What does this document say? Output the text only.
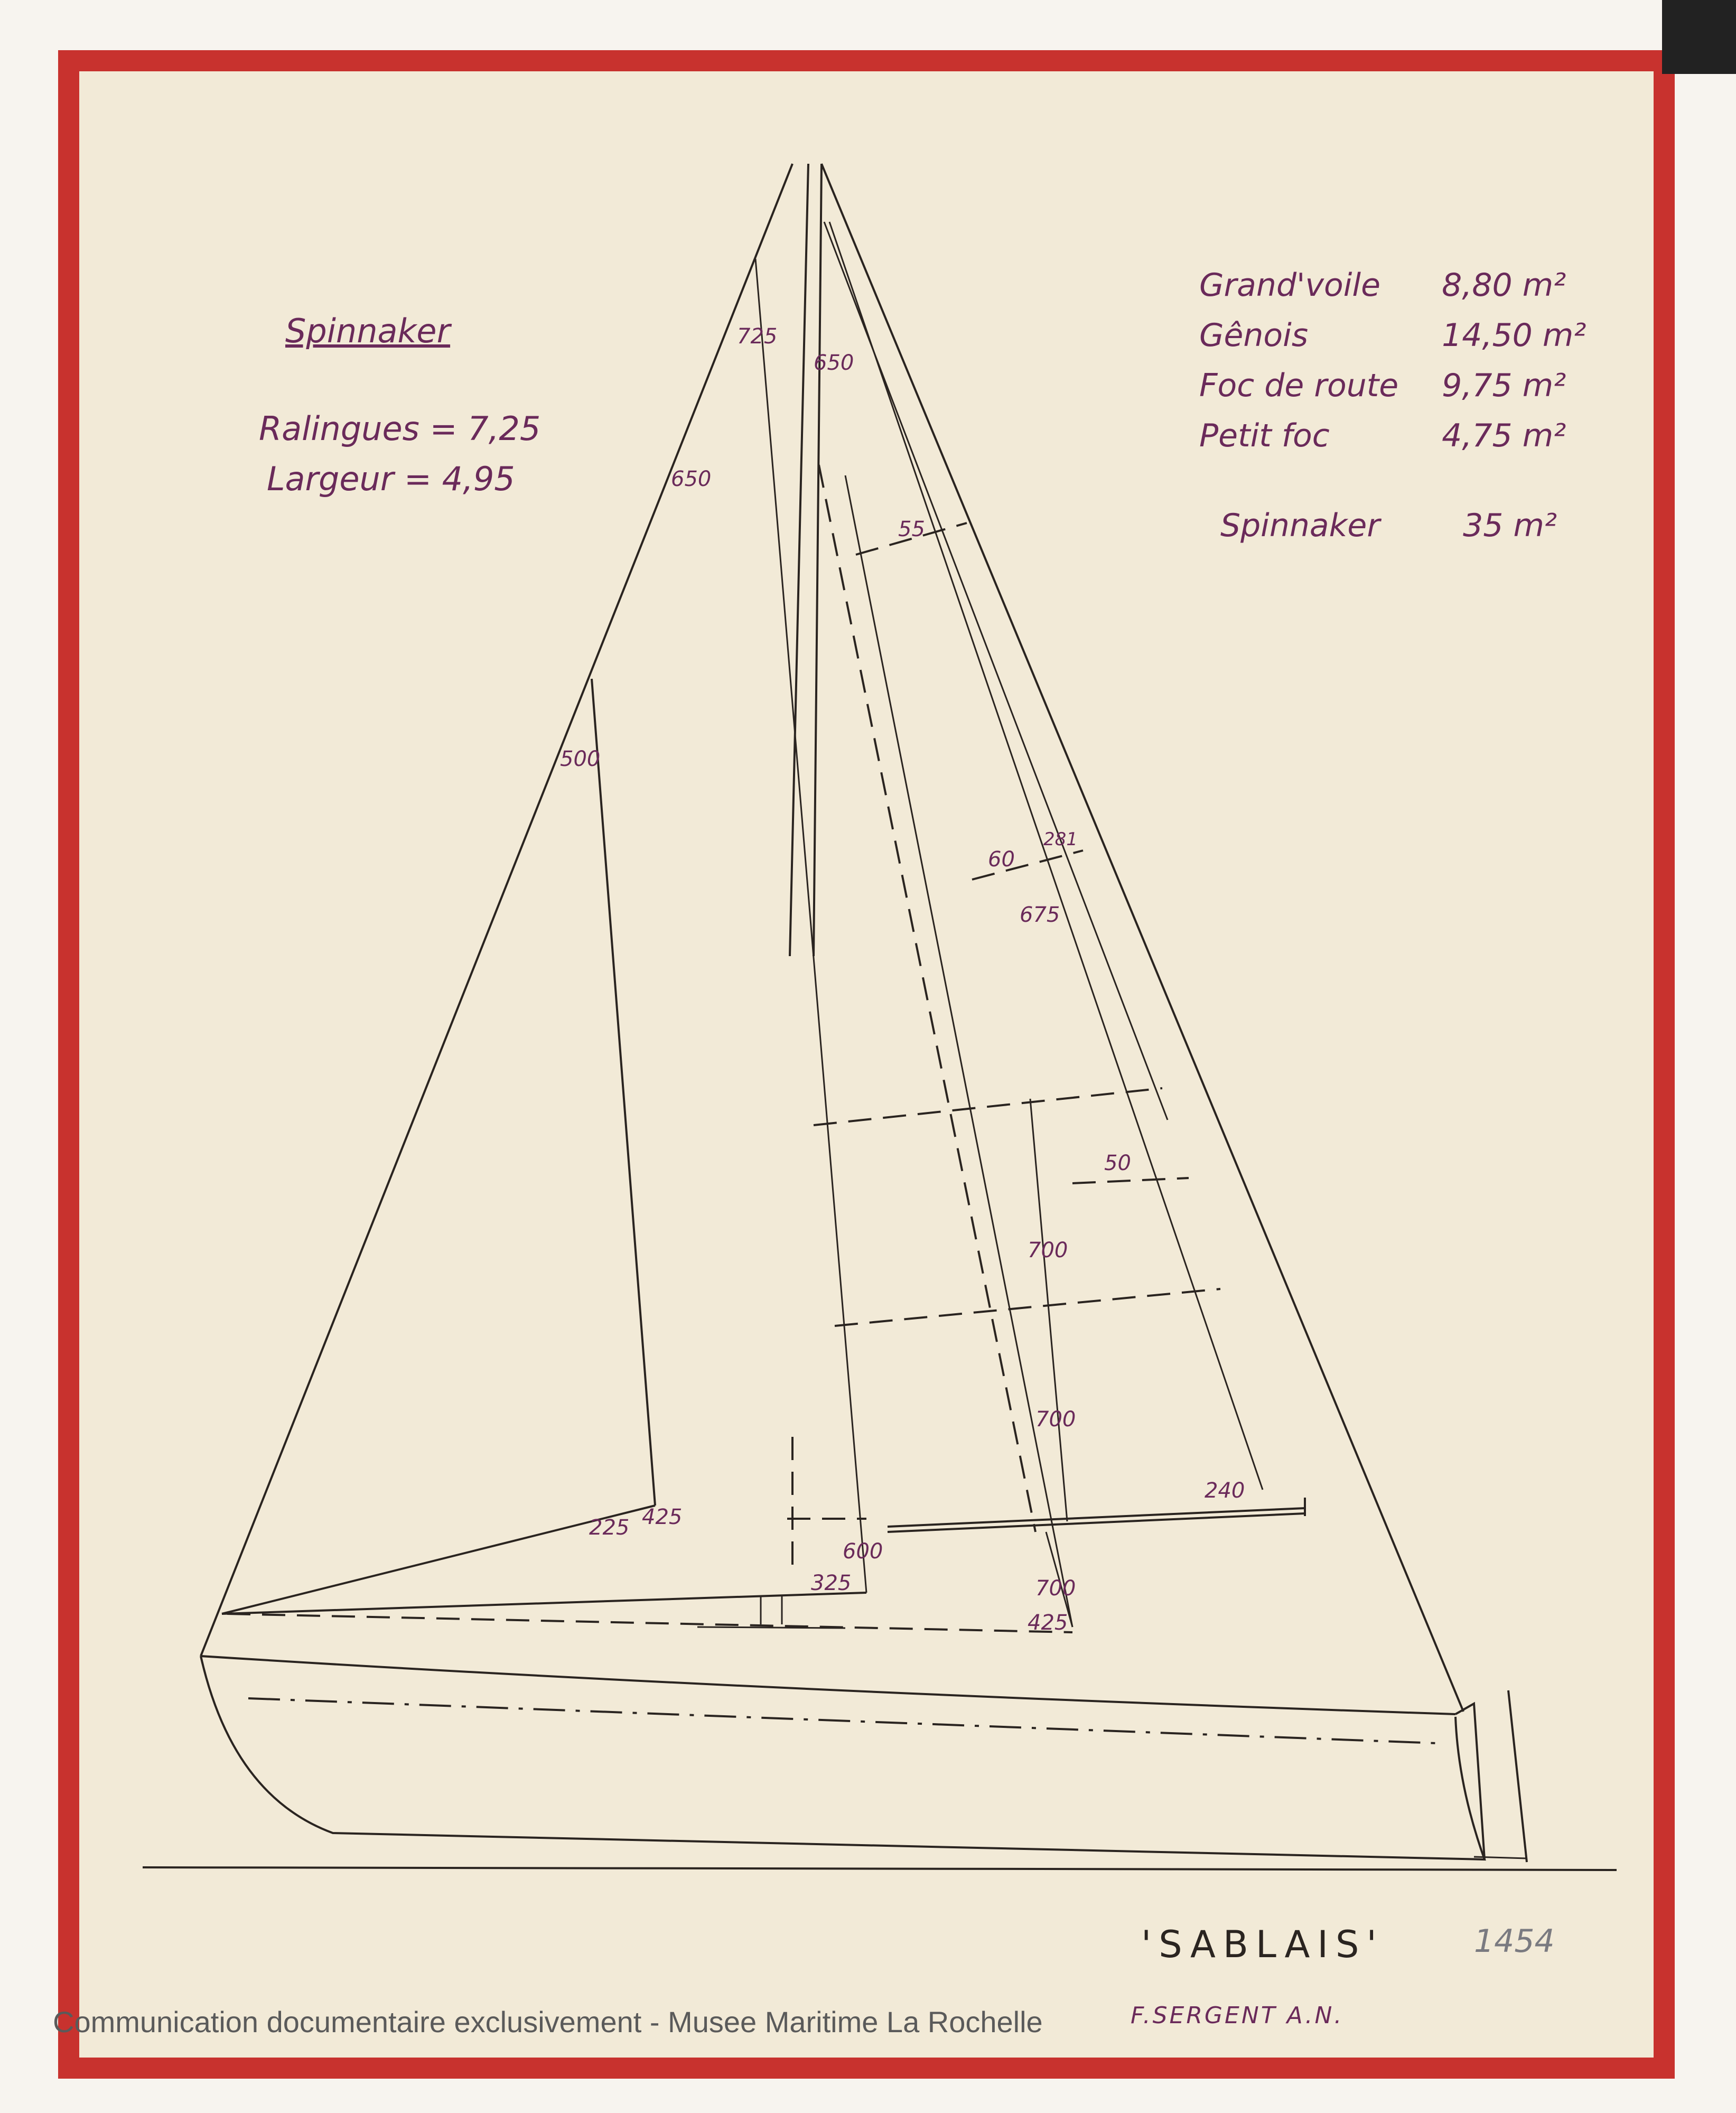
725
650
650
55
500
60
281
675
50
700
700
240
225 425
600
325	700
425
Spinnaker
Ralingues = 7,25
Largeur = 4,95
Grand'voile 8,80 m²
Gênois	14,50 m²
Foc de route 9,75 m²
Petit foc	4,75 m²
Spinnaker	35 m²
'SABLAIS'	1454
F.SERGENT A.N.
Communication documentaire exclusivement - Musee Maritime La Rochelle
